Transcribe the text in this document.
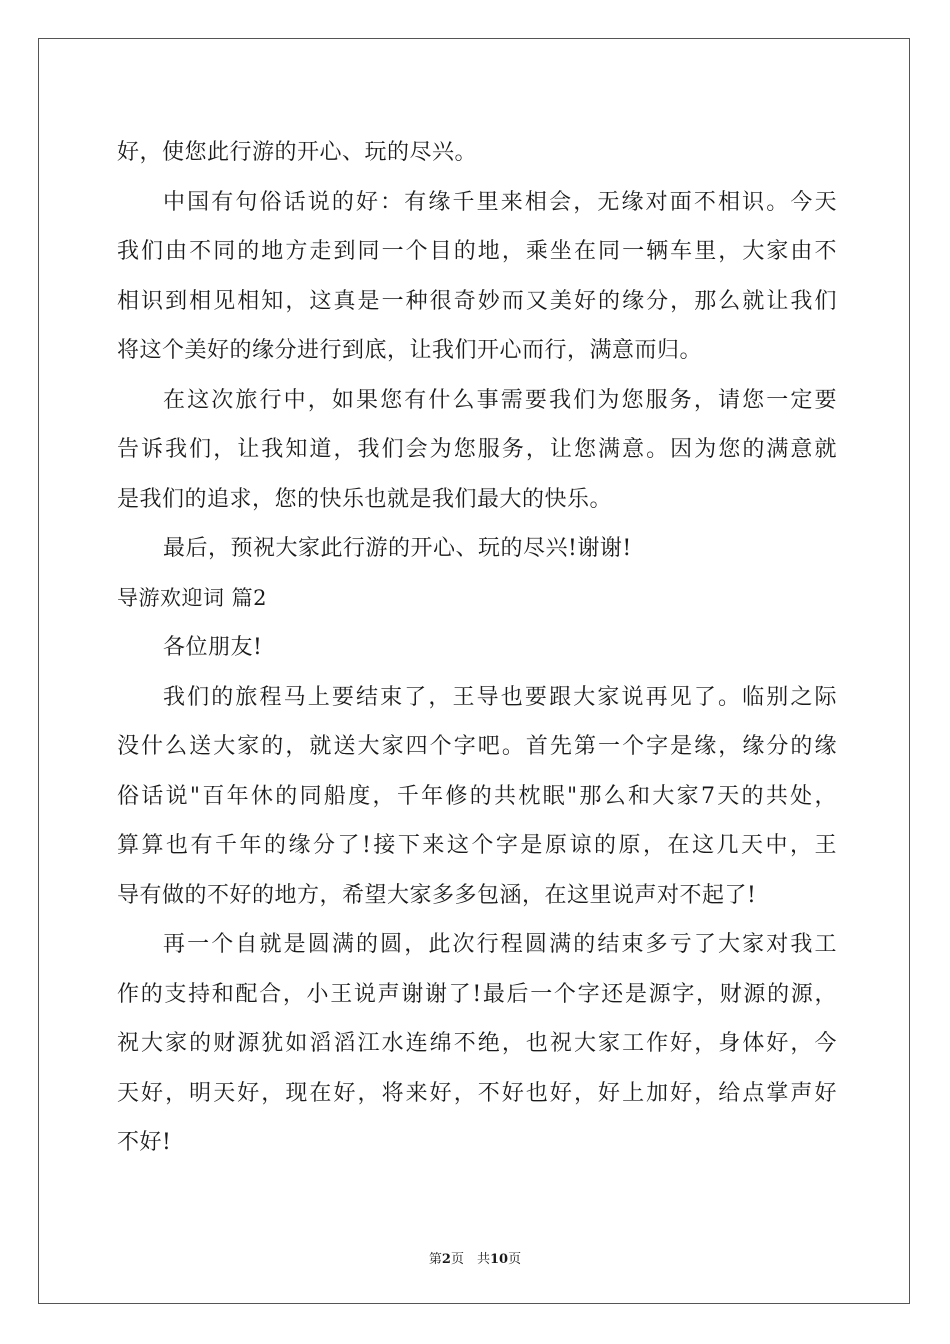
好，使您此行游的开心、玩的尽兴。
中国有句俗话说的好：有缘千里来相会，无缘对面不相识。今天
我们由不同的地方走到同一个目的地，乘坐在同一辆车里，大家由不
相识到相见相知，这真是一种很奇妙而又美好的缘分，那么就让我们
将这个美好的缘分进行到底，让我们开心而行，满意而归。
在这次旅行中，如果您有什么事需要我们为您服务，请您一定要
告诉我们，让我知道，我们会为您服务，让您满意。因为您的满意就
是我们的追求，您的快乐也就是我们最大的快乐。
最后，预祝大家此行游的开心、玩的尽兴!谢谢!
导游欢迎词 篇2
各位朋友!
我们的旅程马上要结束了，王导也要跟大家说再见了。临别之际
没什么送大家的，就送大家四个字吧。首先第一个字是缘，缘分的缘
俗话说"百年休的同船度，千年修的共枕眠"那么和大家7天的共处，
算算也有千年的缘分了!接下来这个字是原谅的原，在这几天中，王
导有做的不好的地方，希望大家多多包涵，在这里说声对不起了!
再一个自就是圆满的圆，此次行程圆满的结束多亏了大家对我工
作的支持和配合，小王说声谢谢了!最后一个字还是源字，财源的源，
祝大家的财源犹如滔滔江水连绵不绝，也祝大家工作好，身体好，今
天好，明天好，现在好，将来好，不好也好，好上加好，给点掌声好
不好!
第2页　共10页
